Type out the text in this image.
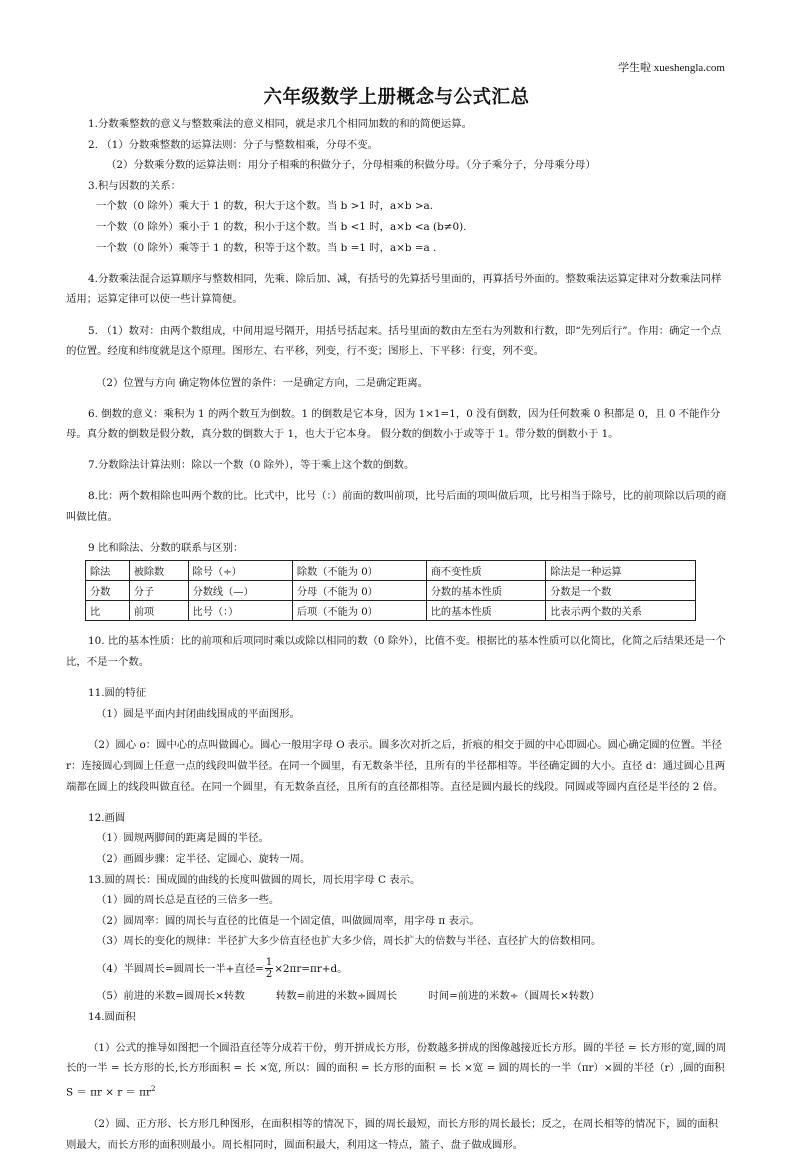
学生啦 xueshengla.com
六年级数学上册概念与公式汇总

1.分数乘整数的意义与整数乘法的意义相同，就是求几个相同加数的和的简便运算。

2. （1）分数乘整数的运算法则：分子与整数相乘，分母不变。

（2）分数乘分数的运算法则：用分子相乘的积做分子，分母相乘的积做分母。（分子乘分子，分母乘分母）

3.积与因数的关系：

一个数（0 除外）乘大于 1 的数，积大于这个数。当 b >1 时，a×b >a.

一个数（0 除外）乘小于 1 的数，积小于这个数。当 b <1 时，a×b <a (b≠0).

一个数（0 除外）乘等于 1 的数，积等于这个数。当 b =1 时，a×b =a .

4.分数乘法混合运算顺序与整数相同，先乘、除后加、减，有括号的先算括号里面的，再算括号外面的。整数乘法运算定律对分数乘法同样适用；运算定律可以使一些计算简便。

5. （1）数对：由两个数组成，中间用逗号隔开，用括号括起来。括号里面的数由左至右为列数和行数，即“先列后行”。作用：确定一个点的位置。经度和纬度就是这个原理。图形左、右平移，列变，行不变；图形上、下平移：行变，列不变。

（2）位置与方向 确定物体位置的条件：一是确定方向，二是确定距离。

6. 倒数的意义：乘积为 1 的两个数互为倒数。1 的倒数是它本身，因为 1×1=1，0 没有倒数，因为任何数乘 0 积都是 0，且 0 不能作分母。真分数的倒数是假分数，真分数的倒数大于 1，也大于它本身。 假分数的倒数小于或等于 1。带分数的倒数小于 1。

7.分数除法计算法则：除以一个数（0 除外），等于乘上这个数的倒数。

8.比：两个数相除也叫两个数的比。比式中，比号（：）前面的数叫前项，比号后面的项叫做后项，比号相当于除号，比的前项除以后项的商叫做比值。

9 比和除法、分数的联系与区别：

除法	被除数	除号（÷）	除数（不能为 0）	商不变性质	除法是一种运算
分数	分子	分数线（—）	分母（不能为 0）	分数的基本性质	分数是一个数
比	前项	比号（：）	后项（不能为 0）	比的基本性质	比表示两个数的关系

10. 比的基本性质：比的前项和后项同时乘以或除以相同的数（0 除外），比值不变。根据比的基本性质可以化简比，化简之后结果还是一个比，不是一个数。

11.圆的特征

（1）圆是平面内封闭曲线围成的平面图形。

（2）圆心 o：圆中心的点叫做圆心。圆心一般用字母 O 表示。圆多次对折之后，折痕的相交于圆的中心即圆心。圆心确定圆的位置。半径 r：连接圆心到圆上任意一点的线段叫做半径。在同一个圆里，有无数条半径，且所有的半径都相等。半径确定圆的大小。直径 d：通过圆心且两端都在圆上的线段叫做直径。在同一个圆里，有无数条直径，且所有的直径都相等。直径是圆内最长的线段。同圆或等圆内直径是半径的 2 倍。

12.画圆

（1）圆规两脚间的距离是圆的半径。

（2）画圆步骤：定半径、定圆心、旋转一周。

13.圆的周长：围成圆的曲线的长度叫做圆的周长，周长用字母 C 表示。

（1）圆的周长总是直径的三倍多一些。

（2）圆周率：圆的周长与直径的比值是一个固定值，叫做圆周率，用字母 π 表示。

（3）周长的变化的规律：半径扩大多少倍直径也扩大多少倍，周长扩大的倍数与半径、直径扩大的倍数相同。

（4）半圆周长=圆周长一半+直径= $\frac{1}{2} \times 2\pi r=\pi r+d$。

（5）前进的米数=圆周长×转数　　　转数=前进的米数÷圆周长　　　时间=前进的米数÷（圆周长×转数）

14.圆面积

（1）公式的推导如图把一个圆沿直径等分成若干份，剪开拼成长方形，份数越多拼成的图像越接近长方形。圆的半径 = 长方形的宽,圆的周长的一半 = 长方形的长,长方形面积 = 长 ×宽, 所以：圆的面积 = 长方形的面积 = 长 ×宽 = 圆的周长的一半（πr）×圆的半径（r）,圆的面积$S = \pi r \times r = \pi r^2$

（2）圆、正方形、长方形几种图形，在面积相等的情况下，圆的周长最短，而长方形的周长最长；反之，在周长相等的情况下，圆的面积则最大，而长方形的面积则最小。周长相同时，圆面积最大，利用这一特点，篮子、盘子做成圆形。
